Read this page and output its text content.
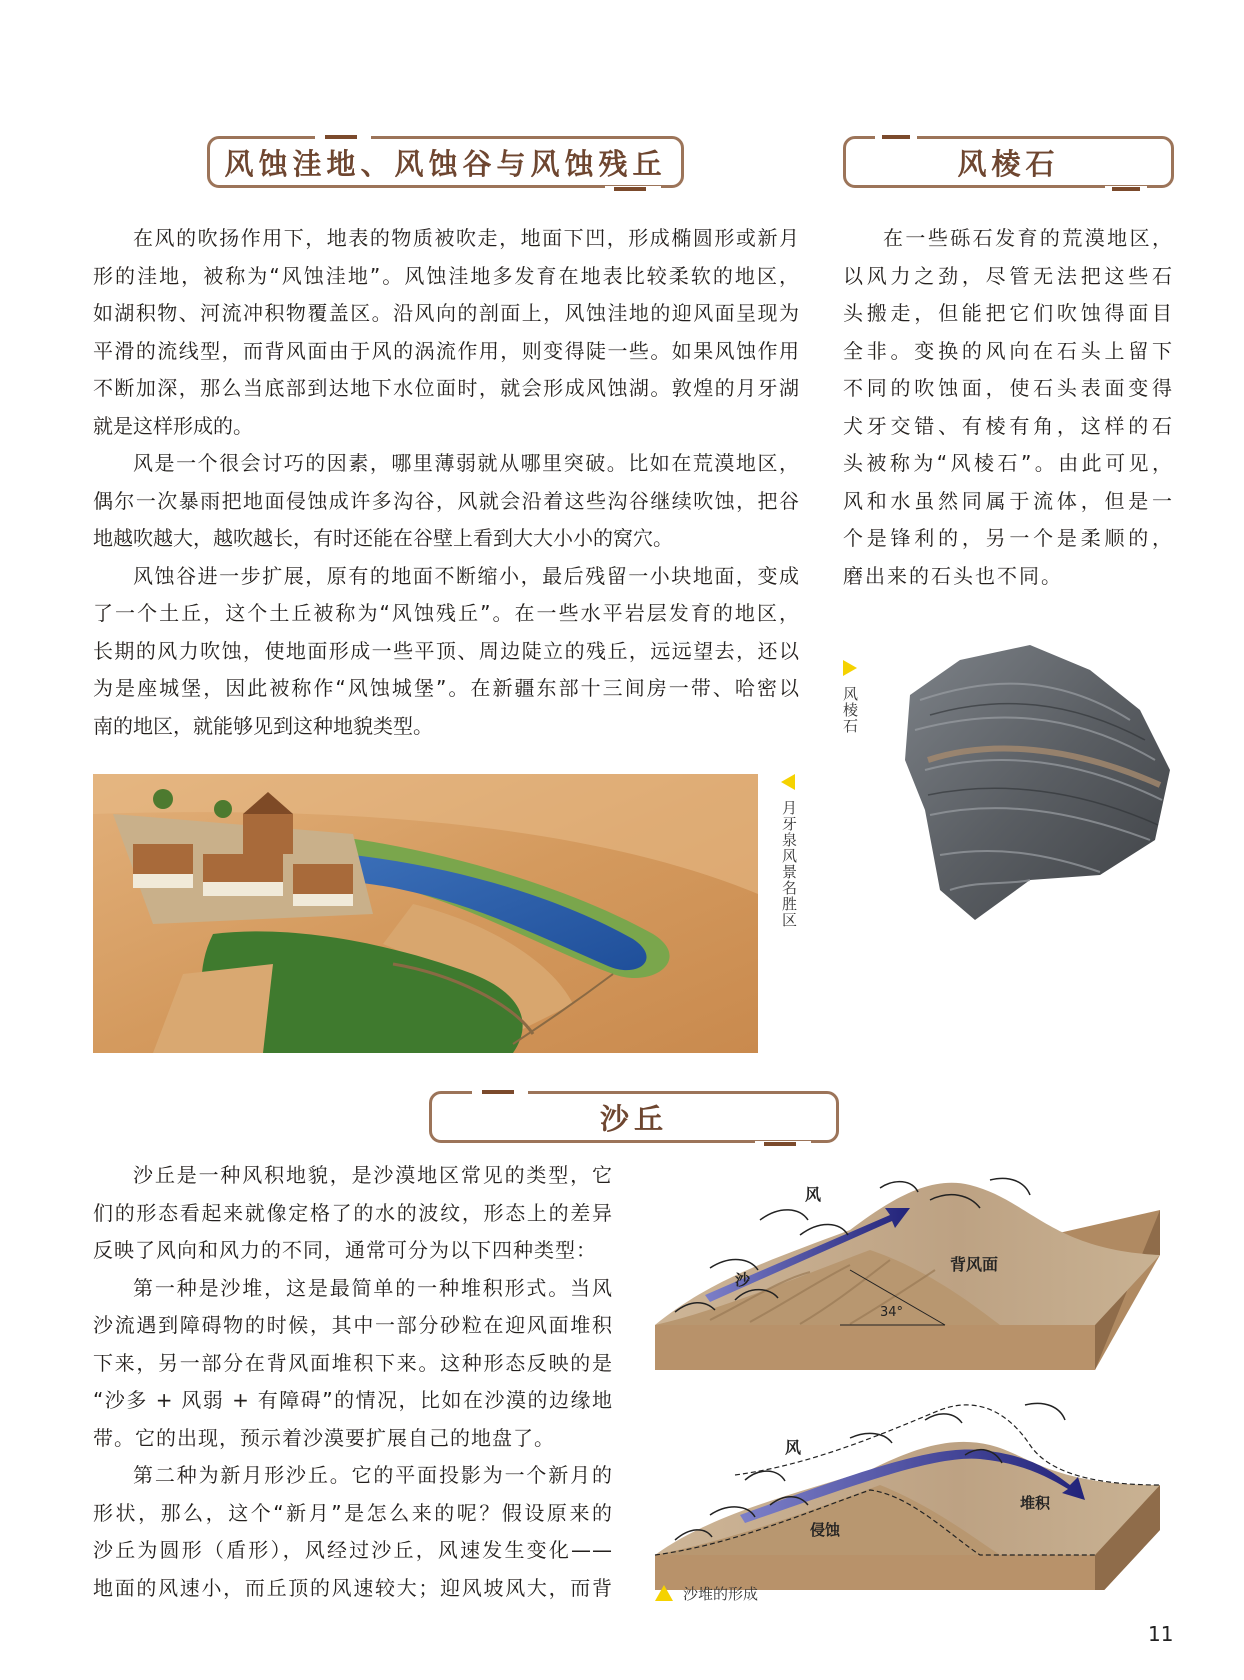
风蚀洼地、风蚀谷与风蚀残丘	风棱石
在风的吹扬作用下，地表的物质被吹走，地面下凹，形成椭圆形或新月
形的洼地，被称为“风蚀洼地”。风蚀洼地多发育在地表比较柔软的地区，
如湖积物、河流冲积物覆盖区。沿风向的剖面上，风蚀洼地的迎风面呈现为
平滑的流线型，而背风面由于风的涡流作用，则变得陡一些。如果风蚀作用
不断加深，那么当底部到达地下水位面时，就会形成风蚀湖。敦煌的月牙湖
就是这样形成的。
风是一个很会讨巧的因素，哪里薄弱就从哪里突破。比如在荒漠地区，
偶尔一次暴雨把地面侵蚀成许多沟谷，风就会沿着这些沟谷继续吹蚀，把谷
地越吹越大，越吹越长，有时还能在谷壁上看到大大小小的窝穴。
风蚀谷进一步扩展，原有的地面不断缩小，最后残留一小块地面，变成
了一个土丘，这个土丘被称为“风蚀残丘”。在一些水平岩层发育的地区，
长期的风力吹蚀，使地面形成一些平顶、周边陡立的残丘，远远望去，还以
为是座城堡，因此被称作“风蚀城堡”。在新疆东部十三间房一带、哈密以
南的地区，就能够见到这种地貌类型。
在一些砾石发育的荒漠地区，
以风力之劲，尽管无法把这些石
头搬走，但能把它们吹蚀得面目
全非。变换的风向在石头上留下
不同的吹蚀面，使石头表面变得
犬牙交错、有棱有角，这样的石
头被称为“风棱石”。由此可见，
风和水虽然同属于流体，但是一
个是锋利的，另一个是柔顺的，
磨出来的石头也不同。
月牙泉风景名胜区
风棱石
沙丘
沙丘是一种风积地貌，是沙漠地区常见的类型，它
们的形态看起来就像定格了的水的波纹，形态上的差异
反映了风向和风力的不同，通常可分为以下四种类型：
第一种是沙堆，这是最简单的一种堆积形式。当风
沙流遇到障碍物的时候，其中一部分砂粒在迎风面堆积
下来，另一部分在背风面堆积下来。这种形态反映的是
“沙多 + 风弱 + 有障碍”的情况，比如在沙漠的边缘地
带。它的出现，预示着沙漠要扩展自己的地盘了。
第二种为新月形沙丘。它的平面投影为一个新月的
形状，那么，这个“新月”是怎么来的呢？假设原来的
沙丘为圆形（盾形），风经过沙丘，风速发生变化——
地面的风速小，而丘顶的风速较大；迎风坡风大，而背
34°
风
沙
背风面
风
侵蚀
堆积
沙堆的形成
11
